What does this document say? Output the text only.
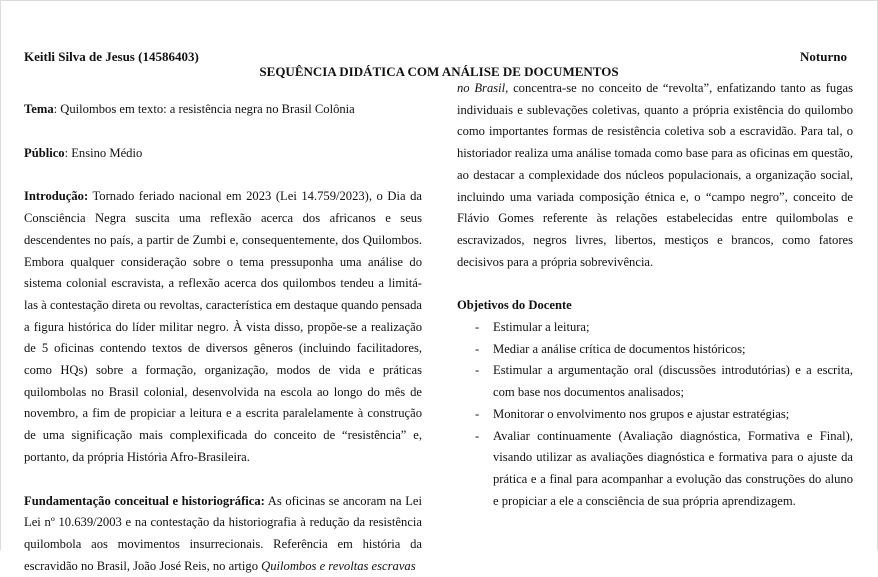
Keitli Silva de Jesus (14586403)	Noturno
SEQUÊNCIA DIDÁTICA COM ANÁLISE DE DOCUMENTOS

Tema: Quilombos em texto: a resistência negra no Brasil Colônia

Público: Ensino Médio

Introdução: Tornado feriado nacional em 2023 (Lei 14.759/2023), o Dia da Consciência Negra suscita uma reflexão acerca dos africanos e seus descendentes no país, a partir de Zumbi e, consequentemente, dos Quilombos. Embora qualquer consideração sobre o tema pressuponha uma análise do sistema colonial escravista, a reflexão acerca dos quilombos tendeu a limitá-las à contestação direta ou revoltas, característica em destaque quando pensada a figura histórica do líder militar negro. À vista disso, propõe-se a realização de 5 oficinas contendo textos de diversos gêneros (incluindo facilitadores, como HQs) sobre a formação, organização, modos de vida e práticas quilombolas no Brasil colonial, desenvolvida na escola ao longo do mês de novembro, a fim de propiciar a leitura e a escrita paralelamente à construção de uma significação mais complexificada do conceito de “resistência” e, portanto, da própria História Afro-Brasileira.

Fundamentação conceitual e historiográfica: As oficinas se ancoram na Lei Lei nº 10.639/2003 e na contestação da historiografia à redução da resistência quilombola aos movimentos insurrecionais. Referência em história da escravidão no Brasil, João José Reis, no artigo Quilombos e revoltas escravas

no Brasil, concentra-se no conceito de “revolta”, enfatizando tanto as fugas individuais e sublevações coletivas, quanto a própria existência do quilombo como importantes formas de resistência coletiva sob a escravidão. Para tal, o historiador realiza uma análise tomada como base para as oficinas em questão, ao destacar a complexidade dos núcleos populacionais, a organização social, incluindo uma variada composição étnica e, o “campo negro”, conceito de Flávio Gomes referente às relações estabelecidas entre quilombolas e escravizados, negros livres, libertos, mestiços e brancos, como fatores decisivos para a própria sobrevivência.

Objetivos do Docente

- Estimular a leitura;
- Mediar a análise crítica de documentos históricos;
- Estimular a argumentação oral (discussões introdutórias) e a escrita, com base nos documentos analisados;
- Monitorar o envolvimento nos grupos e ajustar estratégias;
- Avaliar continuamente (Avaliação diagnóstica, Formativa e Final), visando utilizar as avaliações diagnóstica e formativa para o ajuste da prática e a final para acompanhar a evolução das construções do aluno e propiciar a ele a consciência de sua própria aprendizagem.
